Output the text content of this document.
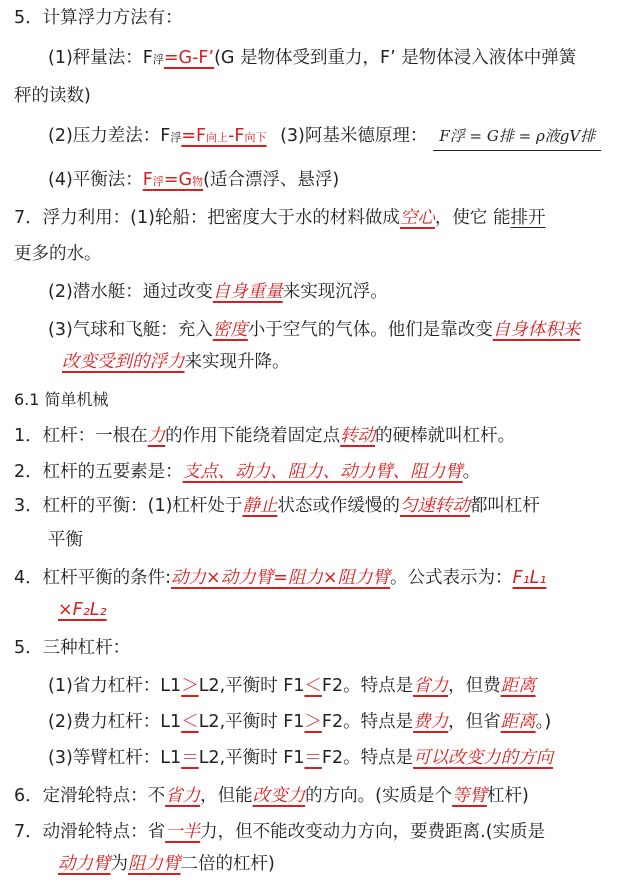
5．计算浮力方法有：
(1)秤量法：F浮=G-F’(G 是物体受到重力，F’ 是物体浸入液体中弹簧
秤的读数)
(2)压力差法：F浮=F向上-F向下 (3)阿基米德原理： F浮 = G排 = ρ液gV排
(4)平衡法：F浮=G物(适合漂浮、悬浮)
7．浮力利用：(1)轮船：把密度大于水的材料做成空心，使它 能排开
更多的水。
(2)潜水艇：通过改变自身重量来实现沉浮。
(3)气球和飞艇：充入密度小于空气的气体。他们是靠改变自身体积来
改变受到的浮力来实现升降。
6.1 简单机械
1．杠杆：一根在力的作用下能绕着固定点转动的硬棒就叫杠杆。
2．杠杆的五要素是：支点、动力、阻力、动力臂、阻力臂。
3．杠杆的平衡：(1)杠杆处于静止状态或作缓慢的匀速转动都叫杠杆
平衡
4．杠杆平衡的条件:动力×动力臂=阻力×阻力臂。公式表示为：F₁L₁
×F₂L₂
5．三种杠杆：
(1)省力杠杆：L1＞L2,平衡时 F1＜F2。特点是省力，但费距离
(2)费力杠杆：L1＜L2,平衡时 F1＞F2。特点是费力，但省距离。)
(3)等臂杠杆：L1＝L2,平衡时 F1＝F2。特点是可以改变力的方向
6．定滑轮特点：不省力，但能改变力的方向。(实质是个等臂杠杆)
7．动滑轮特点：省一半力，但不能改变动力方向，要费距离.(实质是
动力臂为阻力臂二倍的杠杆)
